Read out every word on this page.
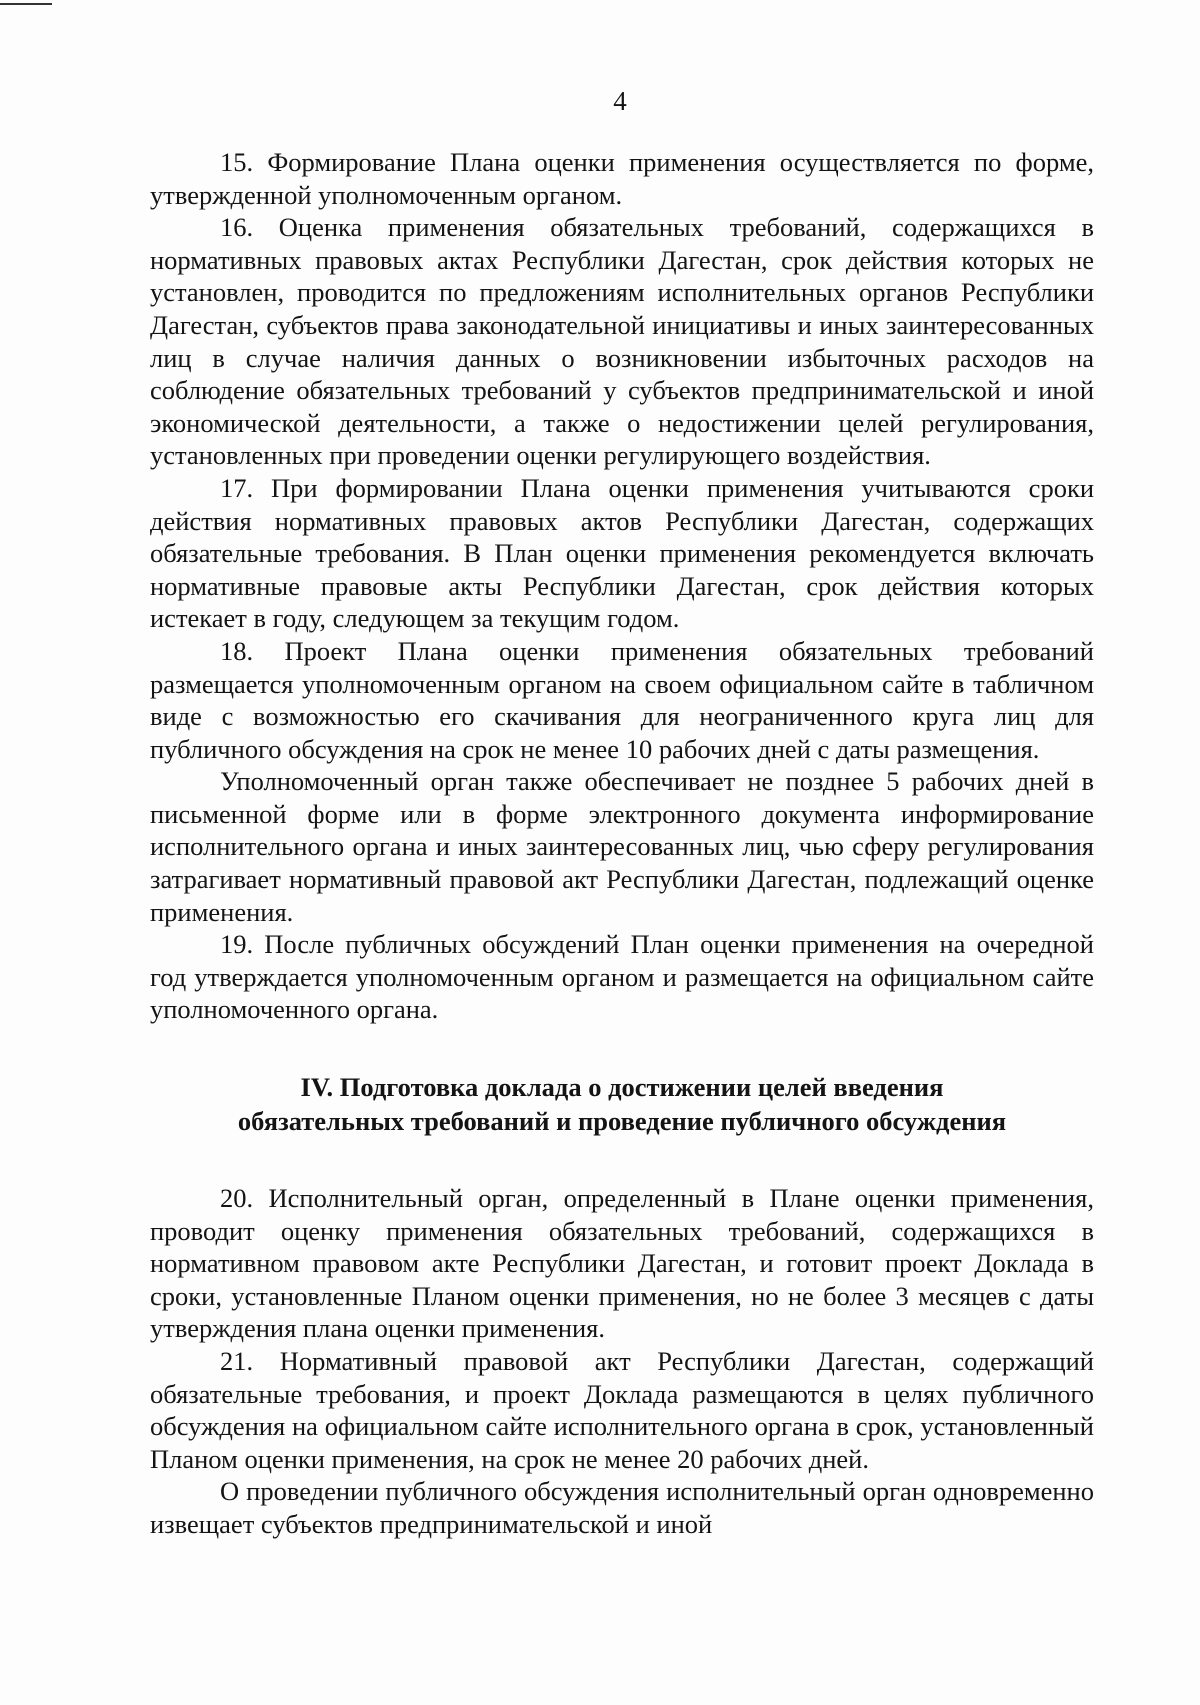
4

15. Формирование Плана оценки применения осуществляется по форме, утвержденной уполномоченным органом.

16. Оценка применения обязательных требований, содержащихся в нормативных правовых актах Республики Дагестан, срок действия которых не установлен, проводится по предложениям исполнительных органов Республики Дагестан, субъектов права законодательной инициативы и иных заинтересованных лиц в случае наличия данных о возникновении избыточных расходов на соблюдение обязательных требований у субъектов предпринимательской и иной экономической деятельности, а также о недостижении целей регулирования, установленных при проведении оценки регулирующего воздействия.

17. При формировании Плана оценки применения учитываются сроки действия нормативных правовых актов Республики Дагестан, содержащих обязательные требования. В План оценки применения рекомендуется включать нормативные правовые акты Республики Дагестан, срок действия которых истекает в году, следующем за текущим годом.

18. Проект Плана оценки применения обязательных требований размещается уполномоченным органом на своем официальном сайте в табличном виде с возможностью его скачивания для неограниченного круга лиц для публичного обсуждения на срок не менее 10 рабочих дней с даты размещения.

Уполномоченный орган также обеспечивает не позднее 5 рабочих дней в письменной форме или в форме электронного документа информирование исполнительного органа и иных заинтересованных лиц, чью сферу регулирования затрагивает нормативный правовой акт Республики Дагестан, подлежащий оценке применения.

19. После публичных обсуждений План оценки применения на очередной год утверждается уполномоченным органом и размещается на официальном сайте уполномоченного органа.

IV. Подготовка доклада о достижении целей введения
обязательных требований и проведение публичного обсуждения

20. Исполнительный орган, определенный в Плане оценки применения, проводит оценку применения обязательных требований, содержащихся в нормативном правовом акте Республики Дагестан, и готовит проект Доклада в сроки, установленные Планом оценки применения, но не более 3 месяцев с даты утверждения плана оценки применения.

21. Нормативный правовой акт Республики Дагестан, содержащий обязательные требования, и проект Доклада размещаются в целях публичного обсуждения на официальном сайте исполнительного органа в срок, установленный Планом оценки применения, на срок не менее 20 рабочих дней.

О проведении публичного обсуждения исполнительный орган одновременно извещает субъектов предпринимательской и иной
